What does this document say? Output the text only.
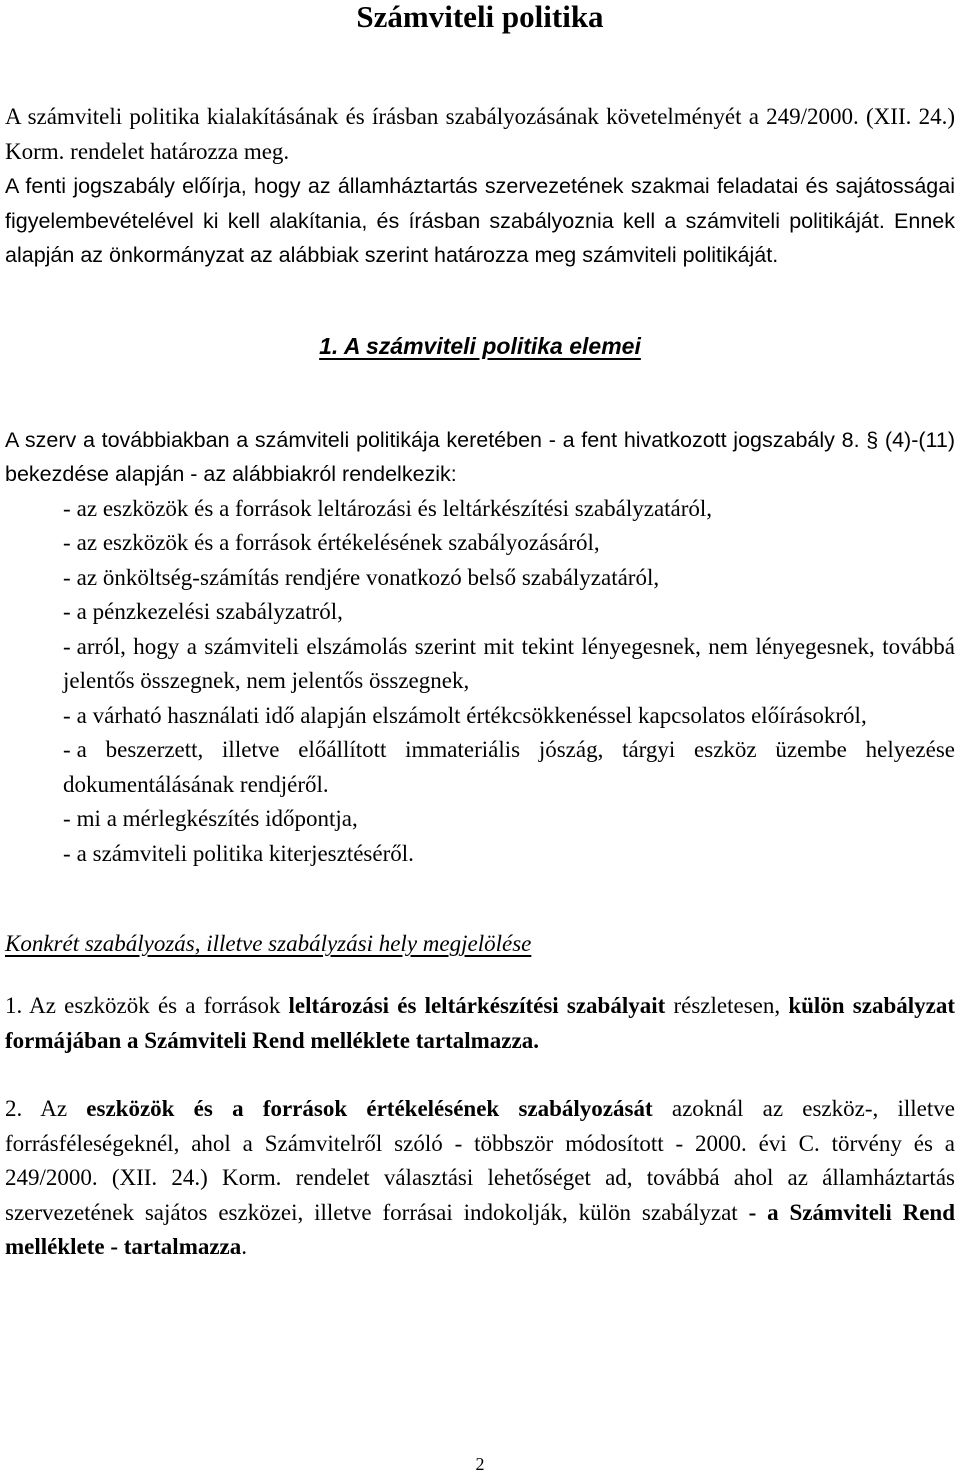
Számviteli politika

A számviteli politika kialakításának és írásban szabályozásának követelményét a 249/2000. (XII. 24.) Korm. rendelet határozza meg.

A fenti jogszabály előírja, hogy az államháztartás szervezetének szakmai feladatai és sajátosságai figyelembevételével ki kell alakítania, és írásban szabályoznia kell a számviteli politikáját. Ennek alapján az önkormányzat az alábbiak szerint határozza meg számviteli politikáját.

1. A számviteli politika elemei

A szerv a továbbiakban a számviteli politikája keretében - a fent hivatkozott jogszabály 8. § (4)-(11) bekezdése alapján - az alábbiakról rendelkezik:

- az eszközök és a források leltározási és leltárkészítési szabályzatáról,
- az eszközök és a források értékelésének szabályozásáról,
- az önköltség-számítás rendjére vonatkozó belső szabályzatáról,
- a pénzkezelési szabályzatról,
- arról, hogy a számviteli elszámolás szerint mit tekint lényegesnek, nem lényegesnek, továbbá jelentős összegnek, nem jelentős összegnek,
- a várható használati idő alapján elszámolt értékcsökkenéssel kapcsolatos előírásokról,
- a beszerzett, illetve előállított immateriális jószág, tárgyi eszköz üzembe helyezése dokumentálásának rendjéről.
- mi a mérlegkészítés időpontja,
- a számviteli politika kiterjesztéséről.

Konkrét szabályozás, illetve szabályzási hely megjelölése

1. Az eszközök és a források leltározási és leltárkészítési szabályait részletesen, külön szabályzat formájában a Számviteli Rend melléklete tartalmazza.

2. Az eszközök és a források értékelésének szabályozását azoknál az eszköz-, illetve forrásféleségeknél, ahol a Számvitelről szóló - többször módosított - 2000. évi C. törvény és a 249/2000. (XII. 24.) Korm. rendelet választási lehetőséget ad, továbbá ahol az államháztartás szervezetének sajátos eszközei, illetve forrásai indokolják, külön szabályzat - a Számviteli Rend melléklete - tartalmazza.

2
